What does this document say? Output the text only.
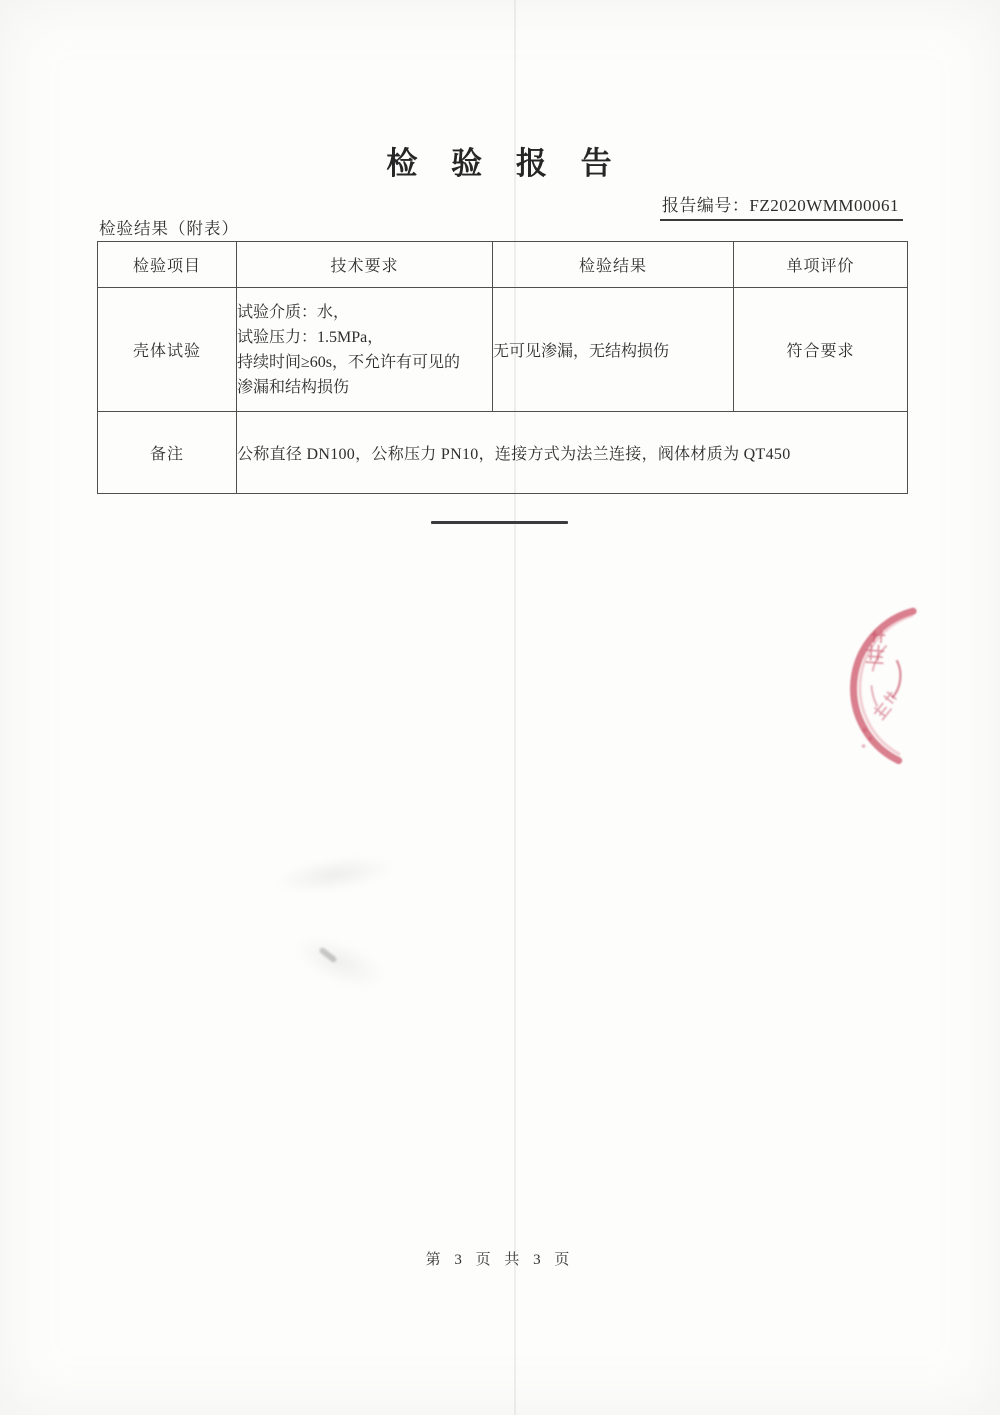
检 验 报 告
报告编号：FZ2020WMM00061
检验结果（附表）
检验项目	技术要求	检验结果	单项评价
壳体试验	试验介质：水，
试验压力：1.5MPa，
持续时间≥60s，不允许有可见的
渗漏和结构损伤	无可见渗漏，无结构损伤	符合要求
备注	公称直径 DN100，公称压力 PN10，连接方式为法兰连接，阀体材质为 QT450		
第 3 页 共 3 页
